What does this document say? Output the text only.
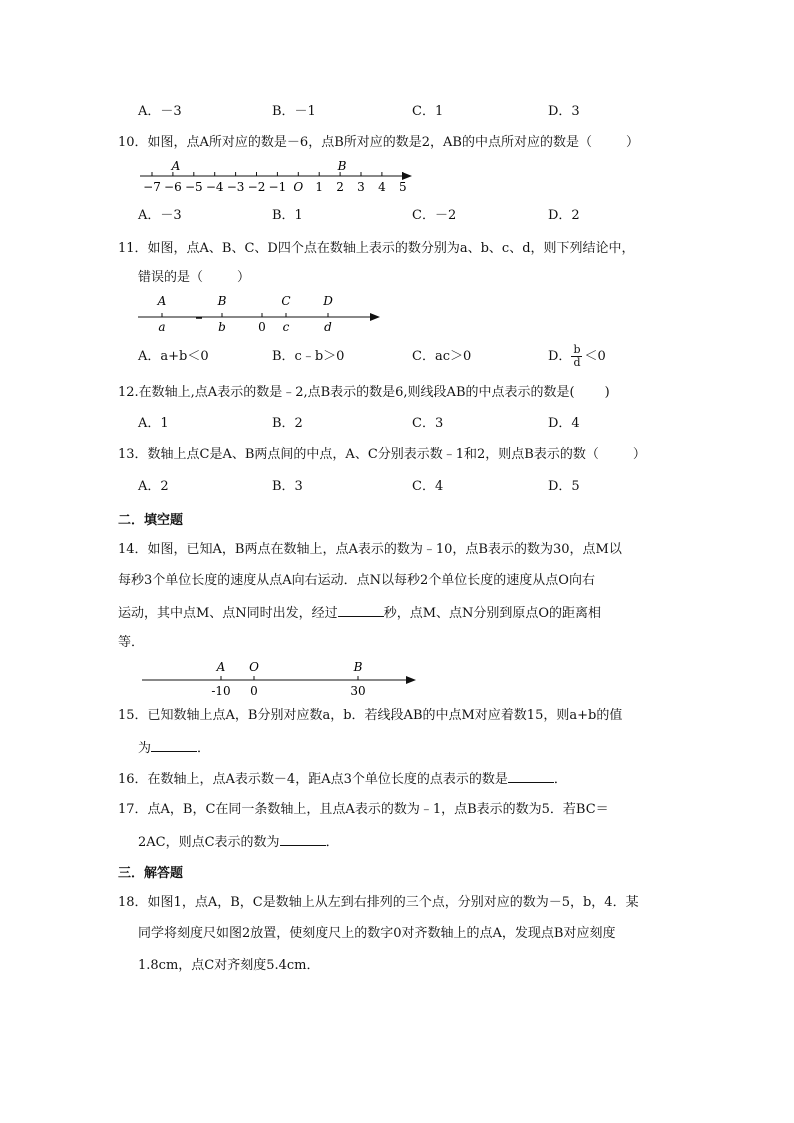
A．－3	B．－1	C．1	D．3
10．如图，点A所对应的数是－6，点B所对应的数是2，AB的中点所对应的数是（	）
A	B
−7 −6 −5 −4 −3 −2 −1 O 1 2 3 4 5
A．－3	B．1	C．－2	D．2
11．如图，点A、B、C、D四个点在数轴上表示的数分别为a、b、c、d，则下列结论中，
错误的是（	）
A	B	C	D
a	b	0 c	d
A．a+b＜0	B．c﹣b＞0	C．ac＞0	D． $\frac{b}{d} <0$
12.在数轴上,点A表示的数是﹣2,点B表示的数是6,则线段AB的中点表示的数是( )
A．1	B．2	C．3	D．4
13．数轴上点C是A、B两点间的中点，A、C分别表示数﹣1和2，则点B表示的数（	）
A．2	B．3	C．4	D．5
二．填空题
14．如图，已知A，B两点在数轴上，点A表示的数为﹣10，点B表示的数为30，点M以
每秒3个单位长度的速度从点A向右运动．点N以每秒2个单位长度的速度从点O向右
运动，其中点M、点N同时出发，经过	秒，点M、点N分别到原点O的距离相
等．
A O	B
-10 0	30
15．已知数轴上点A，B分别对应数a，b．若线段AB的中点M对应着数15，则a+b的值
为	．
16．在数轴上，点A表示数－4，距A点3个单位长度的点表示的数是	．
17．点A，B，C在同一条数轴上，且点A表示的数为﹣1，点B表示的数为5．若BC＝
2AC，则点C表示的数为	．
三．解答题
18．如图1，点A，B，C是数轴上从左到右排列的三个点，分别对应的数为－5，b，4．某
同学将刻度尺如图2放置，使刻度尺上的数字0对齐数轴上的点A，发现点B对应刻度
1.8cm，点C对齐刻度5.4cm．
